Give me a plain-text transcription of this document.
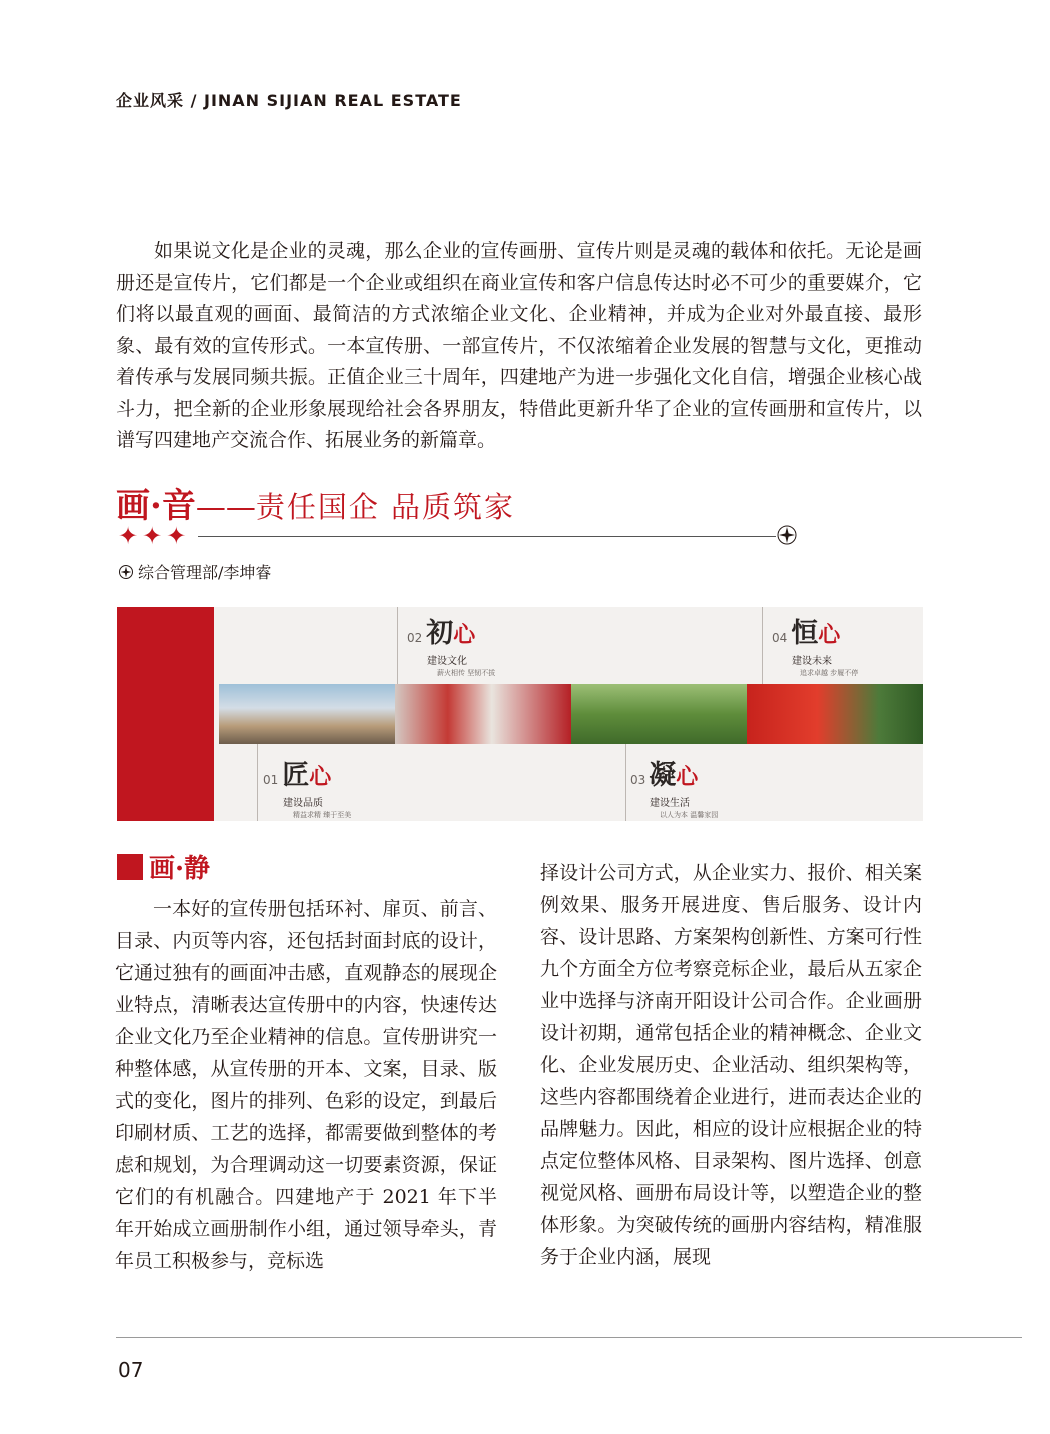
企业风采 / JINAN SIJIAN REAL ESTATE

如果说文化是企业的灵魂，那么企业的宣传画册、宣传片则是灵魂的载体和依托。无论是画册还是宣传片，它们都是一个企业或组织在商业宣传和客户信息传达时必不可少的重要媒介，它们将以最直观的画面、最简洁的方式浓缩企业文化、企业精神，并成为企业对外最直接、最形象、最有效的宣传形式。一本宣传册、一部宣传片，不仅浓缩着企业发展的智慧与文化，更推动着传承与发展同频共振。正值企业三十周年，四建地产为进一步强化文化自信，增强企业核心战斗力，把全新的企业形象展现给社会各界朋友，特借此更新升华了企业的宣传画册和宣传片，以谱写四建地产交流合作、拓展业务的新篇章。

画·音——责任国企 品质筑家
✦✦✦
综合管理部/李坤睿
01 匠心
建设品质
精益求精 臻于至美
02 初心
建设文化
薪火相传 坚韧不拔
03 凝心
建设生活
以人为本 温馨家园
04 恒心
建设未来
追求卓越 步履不停
画·静

一本好的宣传册包括环衬、扉页、前言、目录、内页等内容，还包括封面封底的设计，它通过独有的画面冲击感，直观静态的展现企业特点，清晰表达宣传册中的内容，快速传达企业文化乃至企业精神的信息。宣传册讲究一种整体感，从宣传册的开本、文案，目录、版式的变化，图片的排列、色彩的设定，到最后印刷材质、工艺的选择，都需要做到整体的考虑和规划，为合理调动这一切要素资源，保证它们的有机融合。四建地产于 2021 年下半年开始成立画册制作小组，通过领导牵头，青年员工积极参与，竞标选

择设计公司方式，从企业实力、报价、相关案例效果、服务开展进度、售后服务、设计内容、设计思路、方案架构创新性、方案可行性九个方面全方位考察竞标企业，最后从五家企业中选择与济南开阳设计公司合作。企业画册设计初期，通常包括企业的精神概念、企业文化、企业发展历史、企业活动、组织架构等，这些内容都围绕着企业进行，进而表达企业的品牌魅力。因此，相应的设计应根据企业的特点定位整体风格、目录架构、图片选择、创意视觉风格、画册布局设计等，以塑造企业的整体形象。为突破传统的画册内容结构，精准服务于企业内涵，展现

07
